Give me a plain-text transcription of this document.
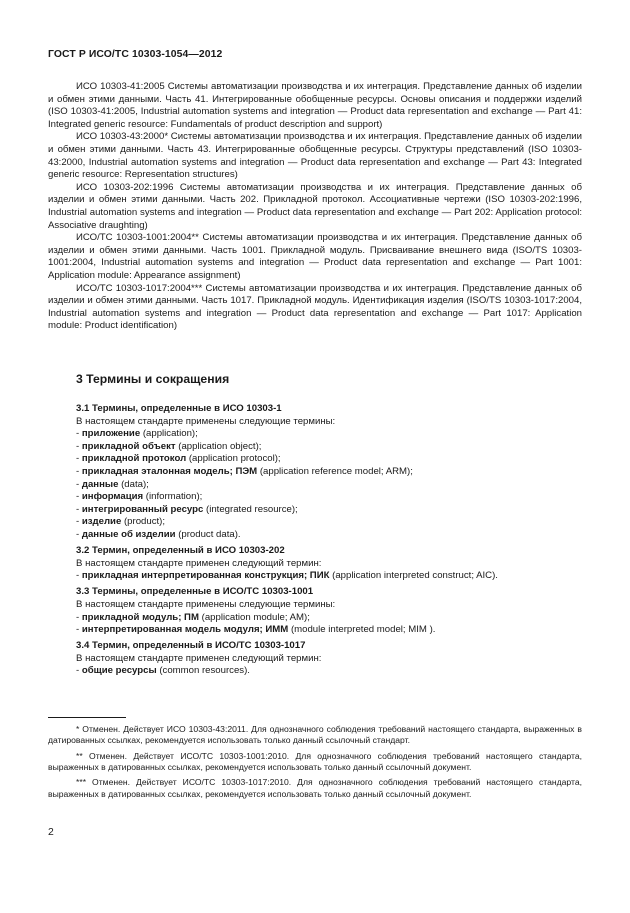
ГОСТ Р ИСО/ТС 10303-1054—2012

ИСО 10303-41:2005 Системы автоматизации производства и их интеграция. Представление данных об изделии и обмен этими данными. Часть 41. Интегрированные обобщенные ресурсы. Основы описания и поддержки изделий (ISO 10303-41:2005, Industrial automation systems and integration — Product data representation and exchange — Part 41: Integrated generic resource: Fundamentals of product description and support)

ИСО 10303-43:2000* Системы автоматизации производства и их интеграция. Представление данных об изделии и обмен этими данными. Часть 43. Интегрированные обобщенные ресурсы. Структуры представлений (ISO 10303-43:2000, Industrial automation systems and integration — Product data representation and exchange — Part 43: Integrated generic resource: Representation structures)

ИСО 10303-202:1996 Системы автоматизации производства и их интеграция. Представление данных об изделии и обмен этими данными. Часть 202. Прикладной протокол. Ассоциативные чертежи (ISO 10303-202:1996, Industrial automation systems and integration — Product data representation and exchange — Part 202: Application protocol: Associative draughting)

ИСО/ТС 10303-1001:2004** Системы автоматизации производства и их интеграция. Представление данных об изделии и обмен этими данными. Часть 1001. Прикладной модуль. Присваивание внешнего вида (ISO/TS 10303-1001:2004, Industrial automation systems and integration — Product data representation and exchange — Part 1001: Application module: Appearance assignment)

ИСО/ТС 10303-1017:2004*** Системы автоматизации производства и их интеграция. Представление данных об изделии и обмен этими данными. Часть 1017. Прикладной модуль. Идентификация изделия (ISO/TS 10303-1017:2004, Industrial automation systems and integration — Product data representation and exchange — Part 1017: Application module: Product identification)

3 Термины и сокращения

3.1 Термины, определенные в ИСО 10303-1

В настоящем стандарте применены следующие термины:

- приложение (application);

- прикладной объект (application object);

- прикладной протокол (application protocol);

- прикладная эталонная модель; ПЭМ (application reference model; ARM);

- данные (data);

- информация (information);

- интегрированный ресурс (integrated resource);

- изделие (product);

- данные об изделии (product data).

3.2 Термин, определенный в ИСО 10303-202

В настоящем стандарте применен следующий термин:

- прикладная интерпретированная конструкция; ПИК (application interpreted construct; AIC).

3.3 Термины, определенные в ИСО/ТС 10303-1001

В настоящем стандарте применены следующие термины:

- прикладной модуль; ПМ (application module; AM);

- интерпретированная модель модуля; ИММ (module interpreted model; MIM ).

3.4 Термин, определенный в ИСО/ТС 10303-1017

В настоящем стандарте применен следующий термин:

- общие ресурсы (common resources).

* Отменен. Действует ИСО 10303-43:2011. Для однозначного соблюдения требований настоящего стандарта, выраженных в датированных ссылках, рекомендуется использовать только данный ссылочный стандарт.

** Отменен. Действует ИСО/ТС 10303-1001:2010. Для однозначного соблюдения требований настоящего стандарта, выраженных в датированных ссылках, рекомендуется использовать только данный ссылочный документ.

*** Отменен. Действует ИСО/ТС 10303-1017:2010. Для однозначного соблюдения требований настоящего стандарта, выраженных в датированных ссылках, рекомендуется использовать только данный ссылочный документ.

2
